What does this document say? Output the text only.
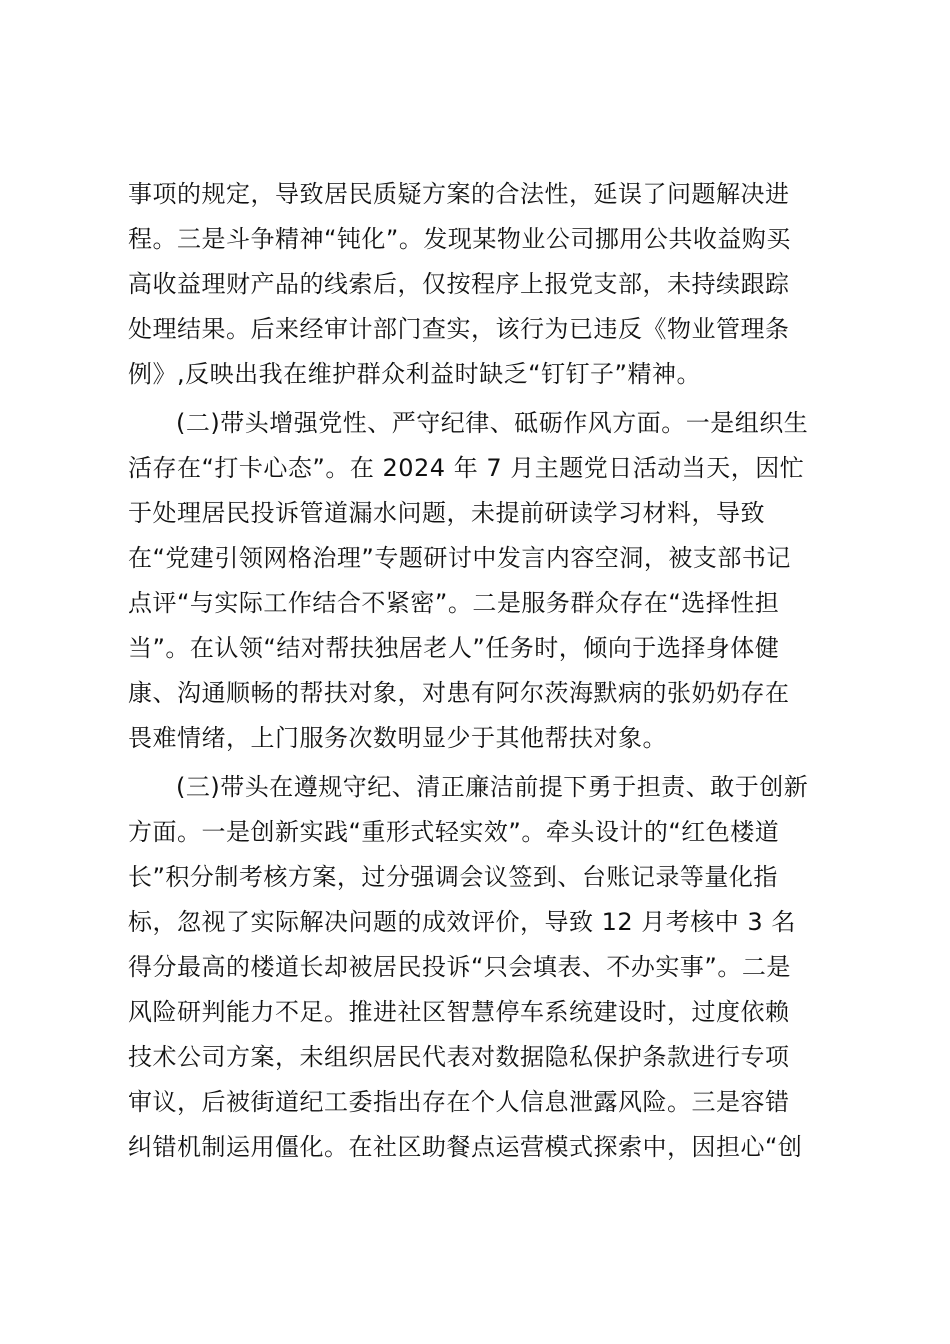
事项的规定，导致居民质疑方案的合法性，延误了问题解决进
程。三是斗争精神“钝化”。发现某物业公司挪用公共收益购买
高收益理财产品的线索后，仅按程序上报党支部，未持续跟踪
处理结果。后来经审计部门查实，该行为已违反《物业管理条
例》,反映出我在维护群众利益时缺乏“钉钉子”精神。
(二)带头增强党性、严守纪律、砥砺作风方面。一是组织生
活存在“打卡心态”。在 2024 年 7 月主题党日活动当天，因忙
于处理居民投诉管道漏水问题，未提前研读学习材料，导致
在“党建引领网格治理”专题研讨中发言内容空洞，被支部书记
点评“与实际工作结合不紧密”。二是服务群众存在“选择性担
当”。在认领“结对帮扶独居老人”任务时，倾向于选择身体健
康、沟通顺畅的帮扶对象，对患有阿尔茨海默病的张奶奶存在
畏难情绪，上门服务次数明显少于其他帮扶对象。
(三)带头在遵规守纪、清正廉洁前提下勇于担责、敢于创新
方面。一是创新实践“重形式轻实效”。牵头设计的“红色楼道
长”积分制考核方案，过分强调会议签到、台账记录等量化指
标，忽视了实际解决问题的成效评价，导致 12 月考核中 3 名
得分最高的楼道长却被居民投诉“只会填表、不办实事”。二是
风险研判能力不足。推进社区智慧停车系统建设时，过度依赖
技术公司方案，未组织居民代表对数据隐私保护条款进行专项
审议，后被街道纪工委指出存在个人信息泄露风险。三是容错
纠错机制运用僵化。在社区助餐点运营模式探索中，因担心“创
